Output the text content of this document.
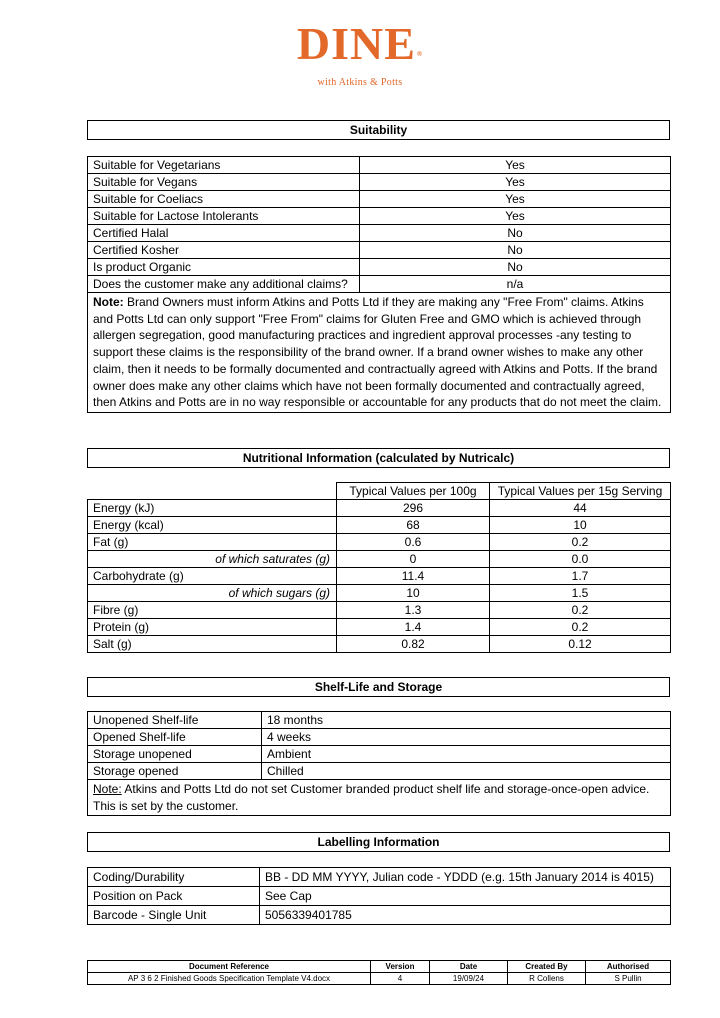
DINE®
with Atkins & Potts
Suitability
Suitable for Vegetarians	Yes
Suitable for Vegans	Yes
Suitable for Coeliacs	Yes
Suitable for Lactose Intolerants	Yes
Certified Halal	No
Certified Kosher	No
Is product Organic	No
Does the customer make any additional claims?	n/a
Note: Brand Owners must inform Atkins and Potts Ltd if they are making any "Free From" claims. Atkins and Potts Ltd can only support "Free From" claims for Gluten Free and GMO which is achieved through allergen segregation, good manufacturing practices and ingredient approval processes -any testing to support these claims is the responsibility of the brand owner. If a brand owner wishes to make any other claim, then it needs to be formally documented and contractually agreed with Atkins and Potts. If the brand owner does make any other claims which have not been formally documented and contractually agreed, then Atkins and Potts are in no way responsible or accountable for any products that do not meet the claim.	
Nutritional Information (calculated by Nutricalc)
	Typical Values per 100g	Typical Values per 15g Serving
Energy (kJ)	296	44
Energy (kcal)	68	10
Fat (g)	0.6	0.2
of which saturates (g)	0	0.0
Carbohydrate (g)	11.4	1.7
of which sugars (g)	10	1.5
Fibre (g)	1.3	0.2
Protein (g)	1.4	0.2
Salt (g)	0.82	0.12
Shelf-Life and Storage
Unopened Shelf-life	18 months
Opened Shelf-life	4 weeks
Storage unopened	Ambient
Storage opened	Chilled
Note: Atkins and Potts Ltd do not set Customer branded product shelf life and storage-once-open advice. This is set by the customer.	
Labelling Information
Coding/Durability	BB - DD MM YYYY, Julian code - YDDD (e.g. 15th January 2014 is 4015)
Position on Pack	See Cap
Barcode - Single Unit	5056339401785
Document Reference	Version	Date	Created By	Authorised
AP 3 6 2 Finished Goods Specification Template V4.docx	4	19/09/24	R Collens	S Pullin
